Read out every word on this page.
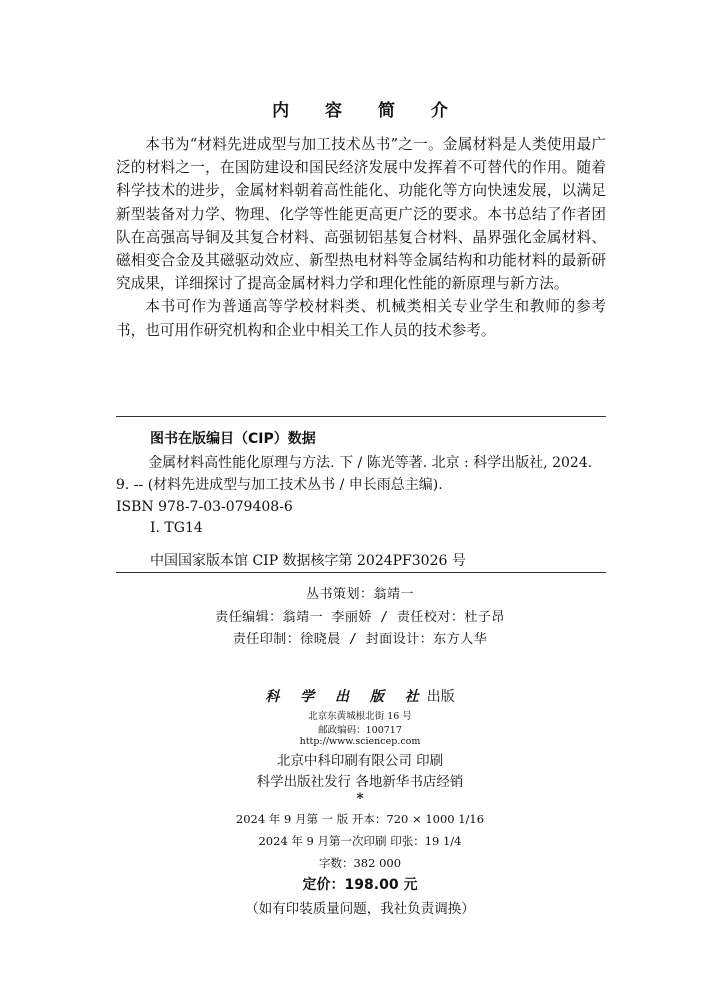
内 容 简 介

本书为“材料先进成型与加工技术丛书”之一。金属材料是人类使用最广泛的材料之一，在国防建设和国民经济发展中发挥着不可替代的作用。随着科学技术的进步，金属材料朝着高性能化、功能化等方向快速发展，以满足新型装备对力学、物理、化学等性能更高更广泛的要求。本书总结了作者团队在高强高导铜及其复合材料、高强韧铝基复合材料、晶界强化金属材料、磁相变合金及其磁驱动效应、新型热电材料等金属结构和功能材料的最新研究成果，详细探讨了提高金属材料力学和理化性能的新原理与新方法。

本书可作为普通高等学校材料类、机械类相关专业学生和教师的参考书，也可用作研究机构和企业中相关工作人员的技术参考。

图书在版编目（CIP）数据
金属材料高性能化原理与方法. 下 / 陈光等著. 北京 : 科学出版社, 2024. 9. -- (材料先进成型与加工技术丛书 / 申长雨总主编).
ISBN 978-7-03-079408-6
Ⅰ. TG14
中国国家版本馆 CIP 数据核字第 2024PF3026 号
丛书策划：翁靖一
责任编辑：翁靖一 李丽娇 / 责任校对：杜子昂
责任印制：徐晓晨 / 封面设计：东方人华
科 学 出 版 社出版
北京东黄城根北街 16 号
邮政编码：100717
http://www.sciencep.com
北京中科印刷有限公司 印刷
科学出版社发行 各地新华书店经销
*
2024 年 9 月第 一 版 开本：720 × 1000 1/16
2024 年 9 月第一次印刷 印张：19 1/4
字数：382 000
定价：198.00 元
（如有印装质量问题，我社负责调换）
